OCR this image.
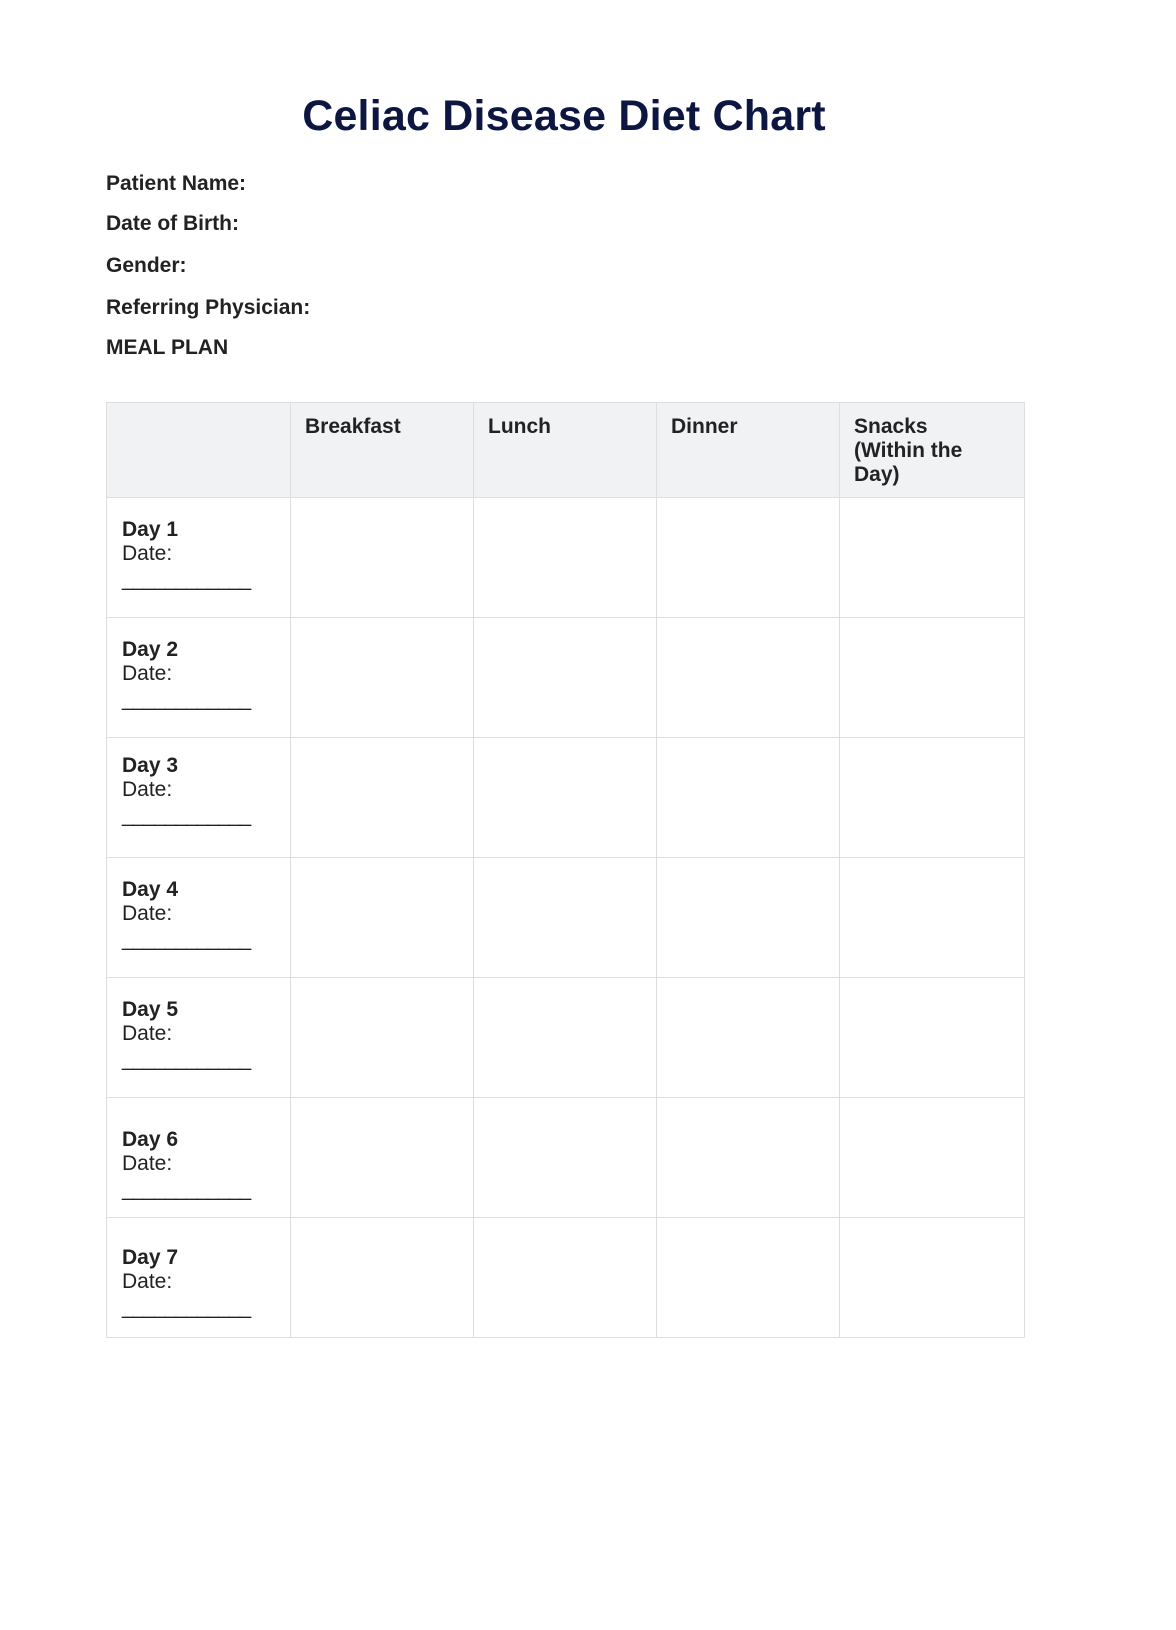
Celiac Disease Diet Chart
Patient Name:
Date of Birth:
Gender:
Referring Physician:
MEAL PLAN
	Breakfast	Lunch	Dinner	Snacks (Within the Day)

Day 1
Date:
____________				

Day 2
Date:
____________				

Day 3
Date:
____________				

Day 4
Date:
____________				

Day 5
Date:
____________				

Day 6
Date:
____________				

Day 7
Date:
____________				
